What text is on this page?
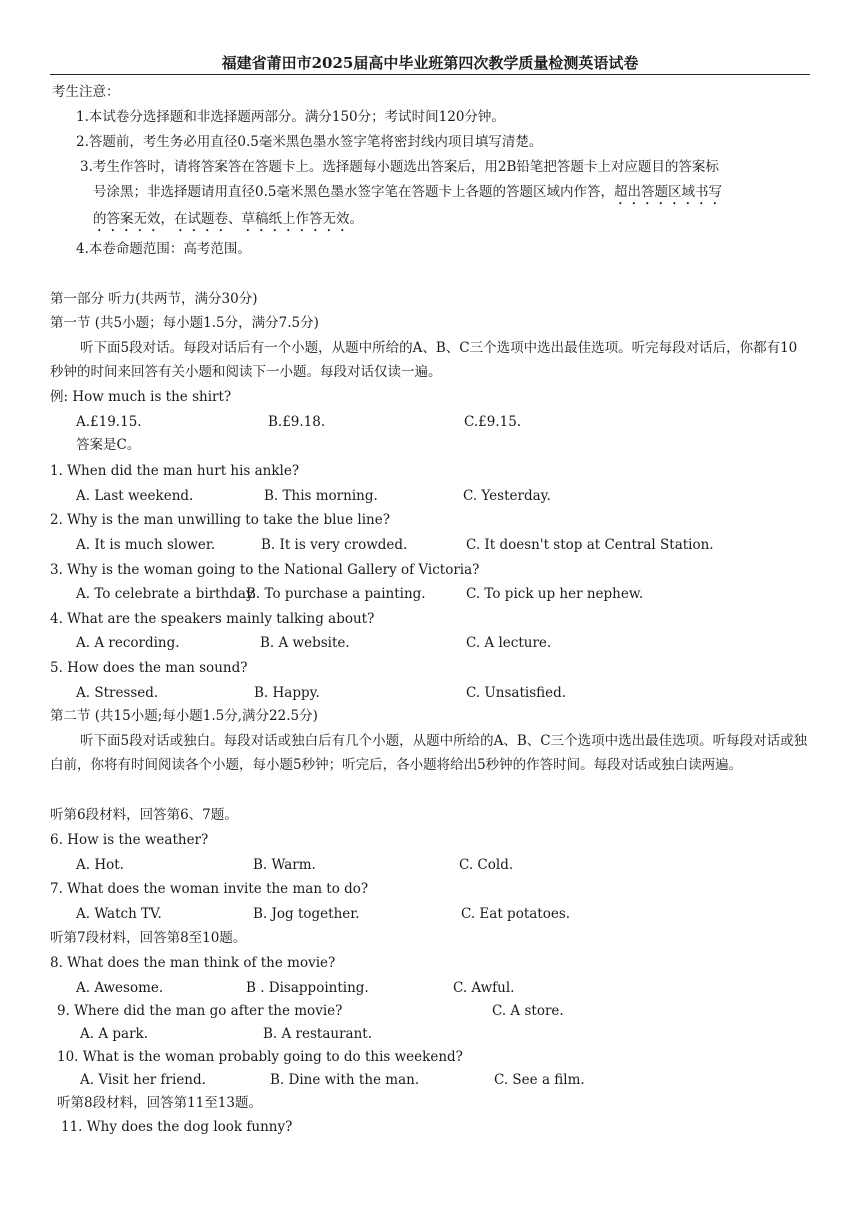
福建省莆田市2025届高中毕业班第四次教学质量检测英语试卷
考生注意：
1.本试卷分选择题和非选择题两部分。满分150分；考试时间120分钟。
2.答题前，考生务必用直径0.5毫米黑色墨水签字笔将密封线内项目填写清楚。
3.考生作答时，请将答案答在答题卡上。选择题每小题选出答案后，用2B铅笔把答题卡上对应题目的答案标
号涂黑；非选择题请用直径0.5毫米黑色墨水签字笔在答题卡上各题的答题区域内作答，超出答题区域书写
的答案无效，在试题卷、草稿纸上作答无效。
4.本卷命题范围：高考范围。
第一部分 听力(共两节，满分30分)
第一节 (共5小题；每小题1.5分，满分7.5分)
听下面5段对话。每段对话后有一个小题，从题中所给的A、B、C三个选项中选出最佳选项。听完每段对话后，你都有10秒钟的时间来回答有关小题和阅读下一小题。每段对话仅读一遍。
例: How much is the shirt?
A.£19.15.	B.£9.18.	C.£9.15.
答案是C。
1. When did the man hurt his ankle?
A. Last weekend.	B. This morning.	C. Yesterday.
2. Why is the man unwilling to take the blue line?
A. It is much slower.	B. It is very crowded.	C. It doesn't stop at Central Station.
3. Why is the woman going to the National Gallery of Victoria?
A. To celebrate a birthday.
B. To purchase a painting.	C. To pick up her nephew.
4. What are the speakers mainly talking about?
A. A recording.	B. A website.	C. A lecture.
5. How does the man sound?
A. Stressed.	B. Happy.	C. Unsatisfied.
第二节 (共15小题;每小题1.5分,满分22.5分)
听下面5段对话或独白。每段对话或独白后有几个小题，从题中所给的A、B、C三个选项中选出最佳选项。听每段对话或独白前，你将有时间阅读各个小题，每小题5秒钟；听完后，各小题将给出5秒钟的作答时间。每段对话或独白读两遍。
听第6段材料，回答第6、7题。
6. How is the weather?
A. Hot.	B. Warm.	C. Cold.
7. What does the woman invite the man to do?
A. Watch TV.	B. Jog together.	C. Eat potatoes.
听第7段材料，回答第8至10题。
8. What does the man think of the movie?
A. Awesome.	B . Disappointing.	C. Awful.
9. Where did the man go after the movie?	C. A store.
A. A park.	B. A restaurant.
10. What is the woman probably going to do this weekend?
A. Visit her friend.	B. Dine with the man.	C. See a film.
听第8段材料，回答第11至13题。
11. Why does the dog look funny?
